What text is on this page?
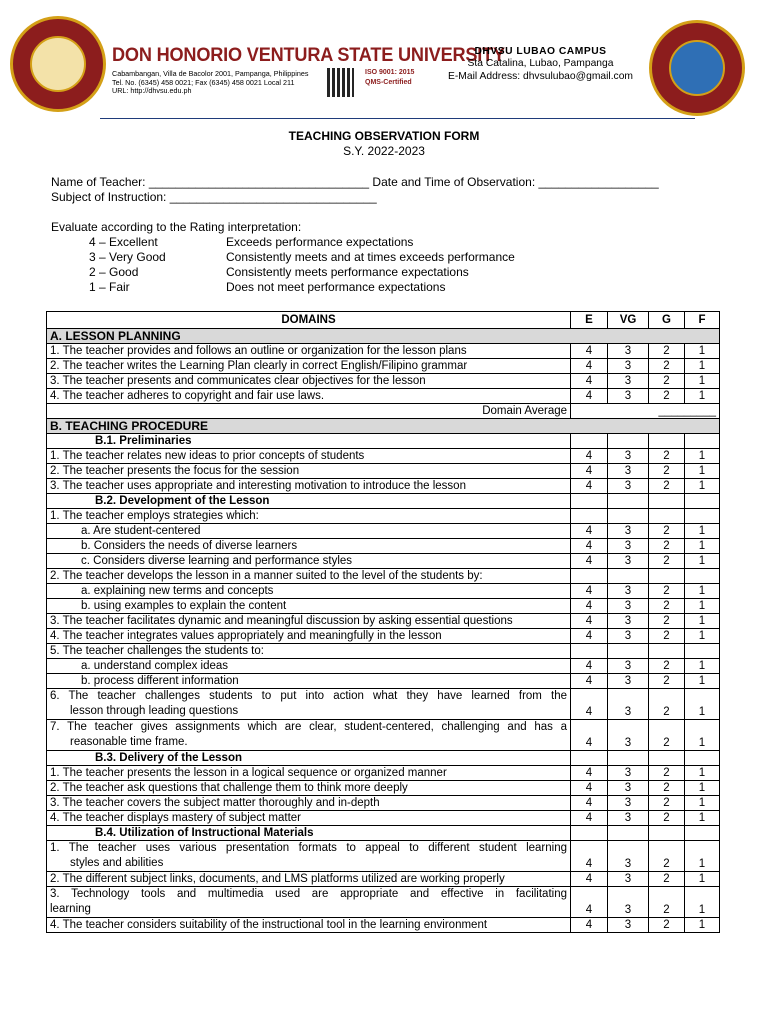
DON HONORIO VENTURA STATE UNIVERSITY
Cabambangan, Villa de Bacolor 2001, Pampanga, Philippines
Tel. No. (6345) 458 0021; Fax (6345) 458 0021 Local 211
URL: http://dhvsu.edu.ph
ISO 9001: 2015
QMS-Certified
DHVSU LUBAO CAMPUS
Sta Catalina, Lubao, Pampanga
E-Mail Address: dhvsulubao@gmail.com
TEACHING OBSERVATION FORM
S.Y. 2022-2023
Name of Teacher: _________________________________ Date and Time of Observation: __________________
Subject of Instruction: _______________________________
Evaluate according to the Rating interpretation:
4 – Excellent	Exceeds performance expectations
3 – Very Good	Consistently meets and at times exceeds performance
2 – Good	Consistently meets performance expectations
1 – Fair	Does not meet performance expectations
DOMAINS	E	VG	G	F
A. LESSON PLANNING				
1. The teacher provides and follows an outline or organization for the lesson plans	4	3	2	1
2. The teacher writes the Learning Plan clearly in correct English/Filipino grammar	4	3	2	1
3. The teacher presents and communicates clear objectives for the lesson	4	3	2	1
4. The teacher adheres to copyright and fair use laws.	4	3	2	1
Domain Average	_________			
B. TEACHING PROCEDURE				
B.1. Preliminaries				
1. The teacher relates new ideas to prior concepts of students	4	3	2	1
2. The teacher presents the focus for the session	4	3	2	1
3. The teacher uses appropriate and interesting motivation to introduce the lesson	4	3	2	1
B.2. Development of the Lesson				
1. The teacher employs strategies which:				
a. Are student-centered	4	3	2	1
b. Considers the needs of diverse learners	4	3	2	1
c. Considers diverse learning and performance styles	4	3	2	1
2. The teacher develops the lesson in a manner suited to the level of the students by:				
a. explaining new terms and concepts	4	3	2	1
b. using examples to explain the content	4	3	2	1
3. The teacher facilitates dynamic and meaningful discussion by asking essential questions	4	3	2	1
4. The teacher integrates values appropriately and meaningfully in the lesson	4	3	2	1
5. The teacher challenges the students to:				
a. understand complex ideas	4	3	2	1
b. process different information	4	3	2	1

6. The teacher challenges students to put into action what they have learned from the
lesson through leading questions	4	3	2	1

7. The teacher gives assignments which are clear, student-centered, challenging and has a
reasonable time frame.	4	3	2	1
B.3. Delivery of the Lesson				
1. The teacher presents the lesson in a logical sequence or organized manner	4	3	2	1
2. The teacher ask questions that challenge them to think more deeply	4	3	2	1
3. The teacher covers the subject matter thoroughly and in-depth	4	3	2	1
4. The teacher displays mastery of subject matter	4	3	2	1
B.4. Utilization of Instructional Materials				

1. The teacher uses various presentation formats to appeal to different student learning
styles and abilities	4	3	2	1
2. The different subject links, documents, and LMS platforms utilized are working properly	4	3	2	1

3. Technology tools and multimedia used are appropriate and effective in facilitating
learning	4	3	2	1
4. The teacher considers suitability of the instructional tool in the learning environment	4	3	2	1
